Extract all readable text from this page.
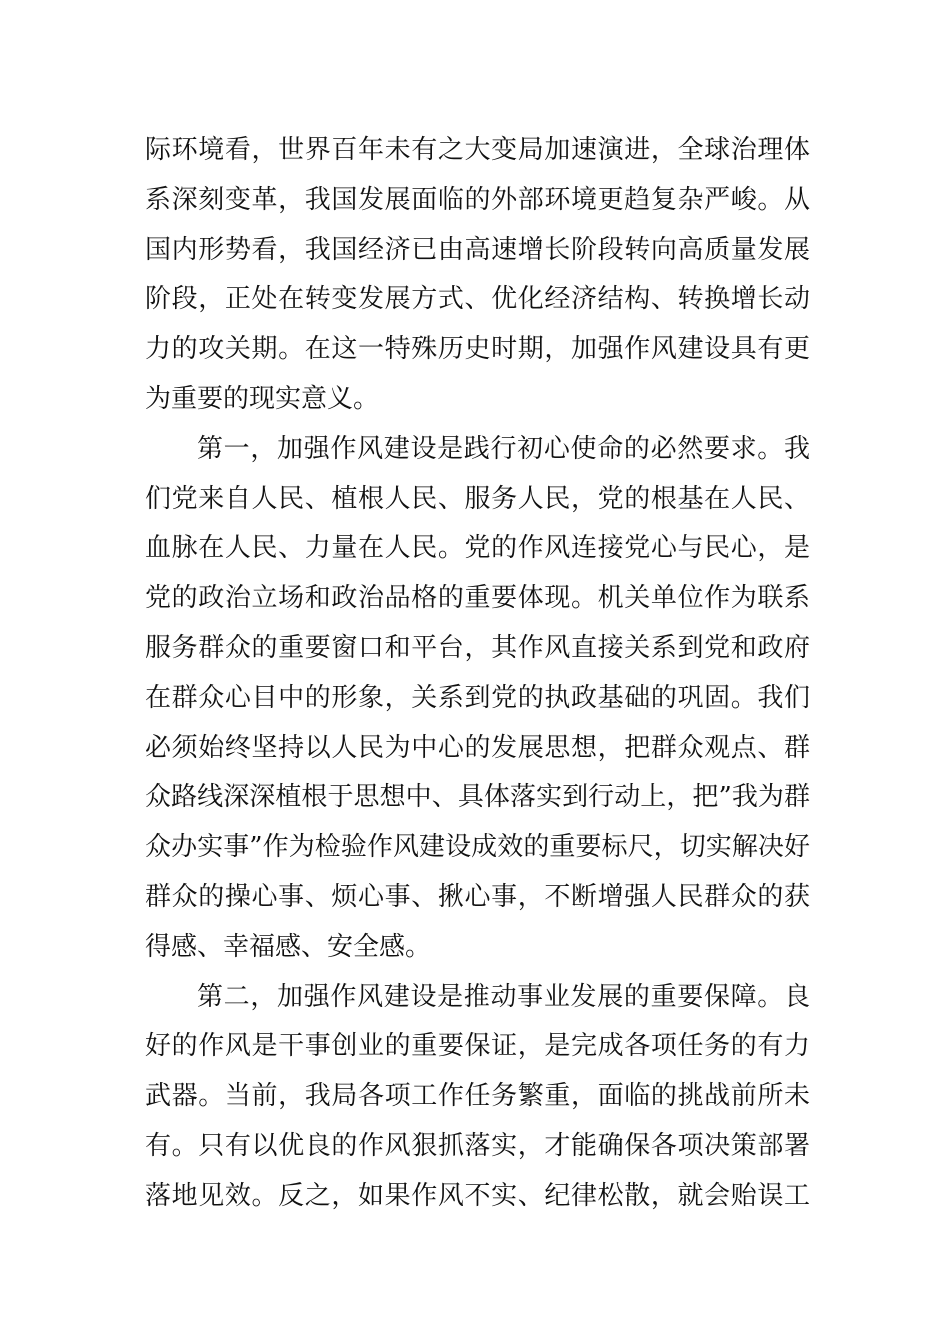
际环境看，世界百年未有之大变局加速演进，全球治理体
系深刻变革，我国发展面临的外部环境更趋复杂严峻。从
国内形势看，我国经济已由高速增长阶段转向高质量发展
阶段，正处在转变发展方式、优化经济结构、转换增长动
力的攻关期。在这一特殊历史时期，加强作风建设具有更
为重要的现实意义。
第一，加强作风建设是践行初心使命的必然要求。我
们党来自人民、植根人民、服务人民，党的根基在人民、
血脉在人民、力量在人民。党的作风连接党心与民心，是
党的政治立场和政治品格的重要体现。机关单位作为联系
服务群众的重要窗口和平台，其作风直接关系到党和政府
在群众心目中的形象，关系到党的执政基础的巩固。我们
必须始终坚持以人民为中心的发展思想，把群众观点、群
众路线深深植根于思想中、具体落实到行动上，把”我为群
众办实事”作为检验作风建设成效的重要标尺，切实解决好
群众的操心事、烦心事、揪心事，不断增强人民群众的获
得感、幸福感、安全感。
第二，加强作风建设是推动事业发展的重要保障。良
好的作风是干事创业的重要保证，是完成各项任务的有力
武器。当前，我局各项工作任务繁重，面临的挑战前所未
有。只有以优良的作风狠抓落实，才能确保各项决策部署
落地见效。反之，如果作风不实、纪律松散，就会贻误工
